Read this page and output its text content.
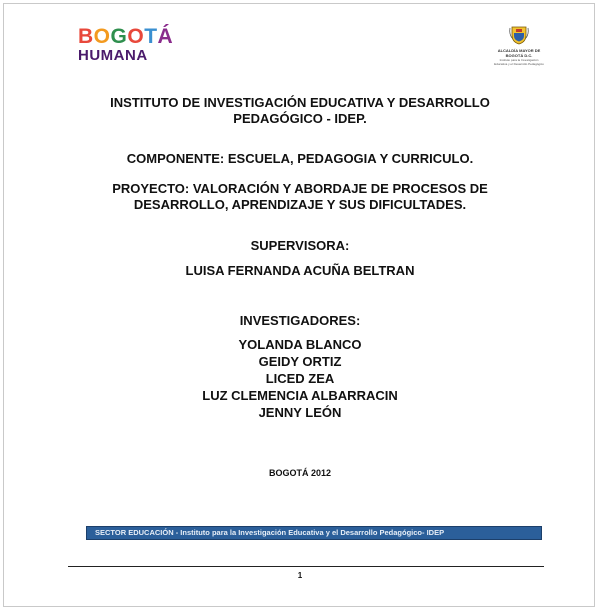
BOGOTÁ
HUMANA	ALCALDÍA MAYOR DE BOGOTÁ D.C.
Instituto para la Investigación Educativa y el Desarrollo Pedagógico
INSTITUTO DE INVESTIGACIÓN EDUCATIVA Y DESARROLLO
PEDAGÓGICO - IDEP.
COMPONENTE: ESCUELA, PEDAGOGIA Y CURRICULO.
PROYECTO: VALORACIÓN Y ABORDAJE DE PROCESOS DE
DESARROLLO, APRENDIZAJE Y SUS DIFICULTADES.
SUPERVISORA:
LUISA FERNANDA ACUÑA BELTRAN
INVESTIGADORES:
YOLANDA BLANCO
GEIDY ORTIZ
LICED ZEA
LUZ CLEMENCIA ALBARRACIN
JENNY LEÓN
BOGOTÁ 2012
SECTOR EDUCACIÓN - Instituto para la Investigación Educativa y el Desarrollo Pedagógico- IDEP
1
